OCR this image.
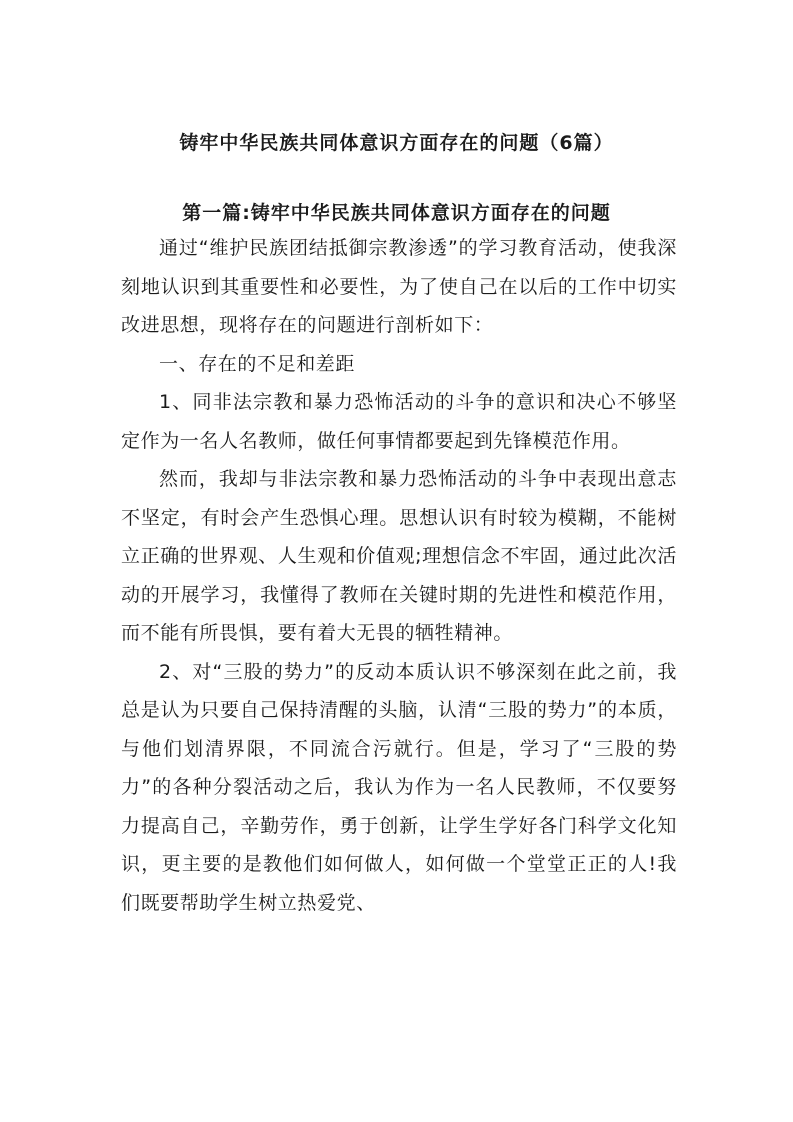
铸牢中华民族共同体意识方面存在的问题（6篇）
第一篇:铸牢中华民族共同体意识方面存在的问题

通过“维护民族团结抵御宗教渗透”的学习教育活动，使我深刻地认识到其重要性和必要性，为了使自己在以后的工作中切实改进思想，现将存在的问题进行剖析如下：

一、存在的不足和差距

1、同非法宗教和暴力恐怖活动的斗争的意识和决心不够坚定作为一名人名教师，做任何事情都要起到先锋模范作用。

然而，我却与非法宗教和暴力恐怖活动的斗争中表现出意志不坚定，有时会产生恐惧心理。思想认识有时较为模糊，不能树立正确的世界观、人生观和价值观;理想信念不牢固，通过此次活动的开展学习，我懂得了教师在关键时期的先进性和模范作用，而不能有所畏惧，要有着大无畏的牺牲精神。

2、对“三股的势力”的反动本质认识不够深刻在此之前，我总是认为只要自己保持清醒的头脑，认清“三股的势力”的本质，与他们划清界限，不同流合污就行。但是，学习了“三股的势力”的各种分裂活动之后，我认为作为一名人民教师，不仅要努力提高自己，辛勤劳作，勇于创新，让学生学好各门科学文化知识，更主要的是教他们如何做人，如何做一个堂堂正正的人!我们既要帮助学生树立热爱党、
